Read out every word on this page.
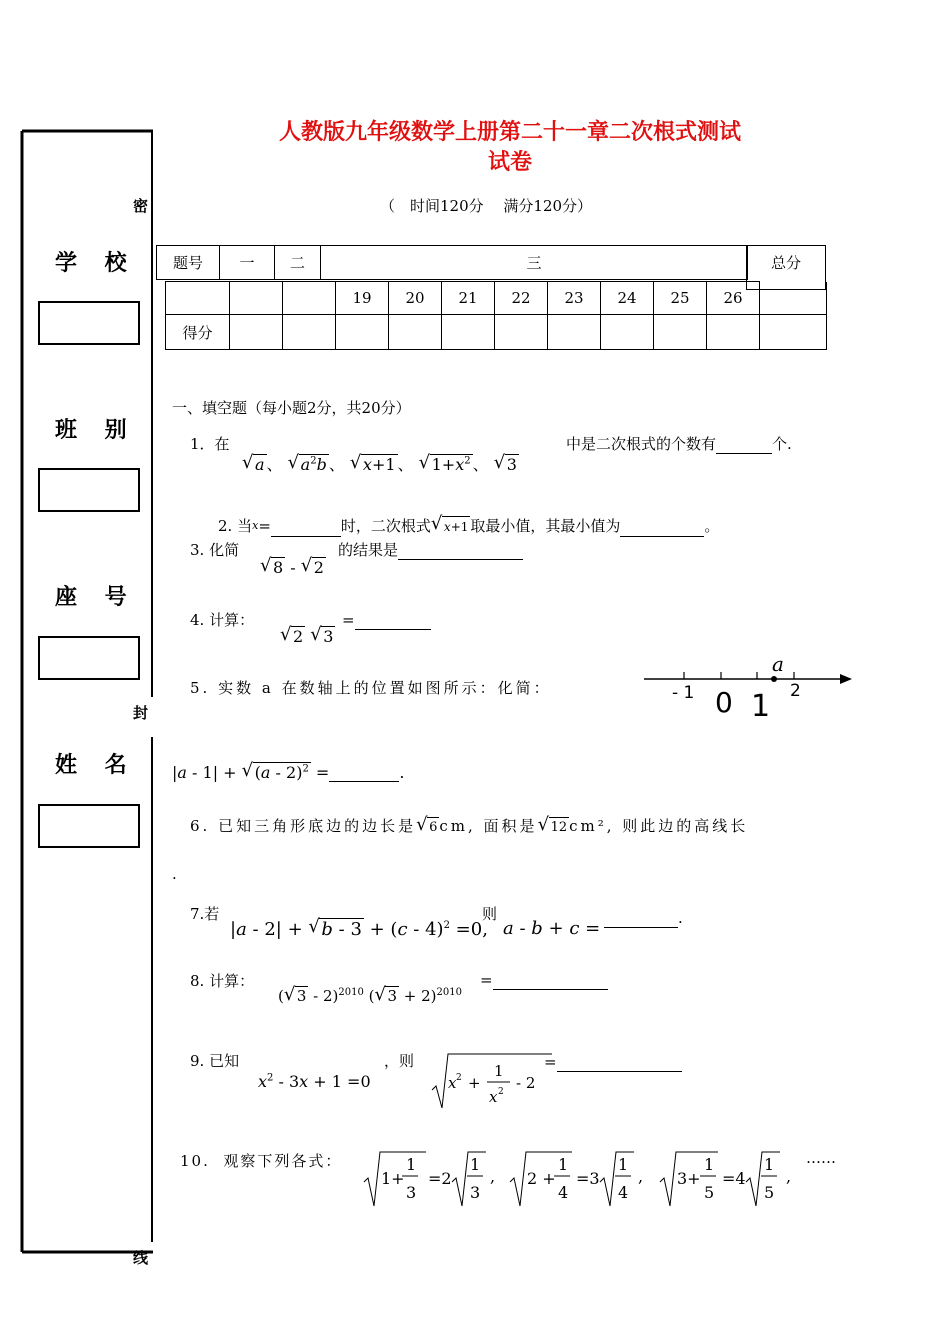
人教版九年级数学上册第二十一章二次根式测试
试卷
（　时间120分　 满分120分）
密
封
线
学 校
班 别
座 号
姓 名
题号	一	二	三	总分
			19	20	21	22	23	24	25	26	
得分											
一、填空题（每小题2分，共20分）
1．在
√ a 、 √ $a^2b$ 、 √ x+1 、 √ $1+x^2$ 、 √ 3
中是二次根式的个数有	个.
2. 当$^x$=	时，二次根式 √ x+1 取最小值，其最小值为	。
3. 化简
√ 8 - √ 2
的结果是
4. 计算：
√ 2 √ 3
=
5. 实数 a 在数轴上的位置如图所示：化简：
a
- 1 0 1 2
|a - 1| + √ (a - 2)$^2$ =	.
6. 已知三角形底边的边长是 √ 6 cm, 面积是 √ 12 cm², 则此边的高线长
.
7.若
|a - 2| + √ b - 3 + (c - 4)$^2$ =0,
则
a - b + c =	.
8. 计算：
( √ 3 - 2)$^{2010}$ ( √ 3 + 2)$^{2010}$
=
9. 已知
$x^2 - 3x + 1 =0$
，则
x 2 +
1
x 2 - 2
=
10. 观察下列各式：
1+
1
3
=2
1
3
, 2 +
1
4
=3
1
4
, 3+
1
5
=4
1
5
,
……
